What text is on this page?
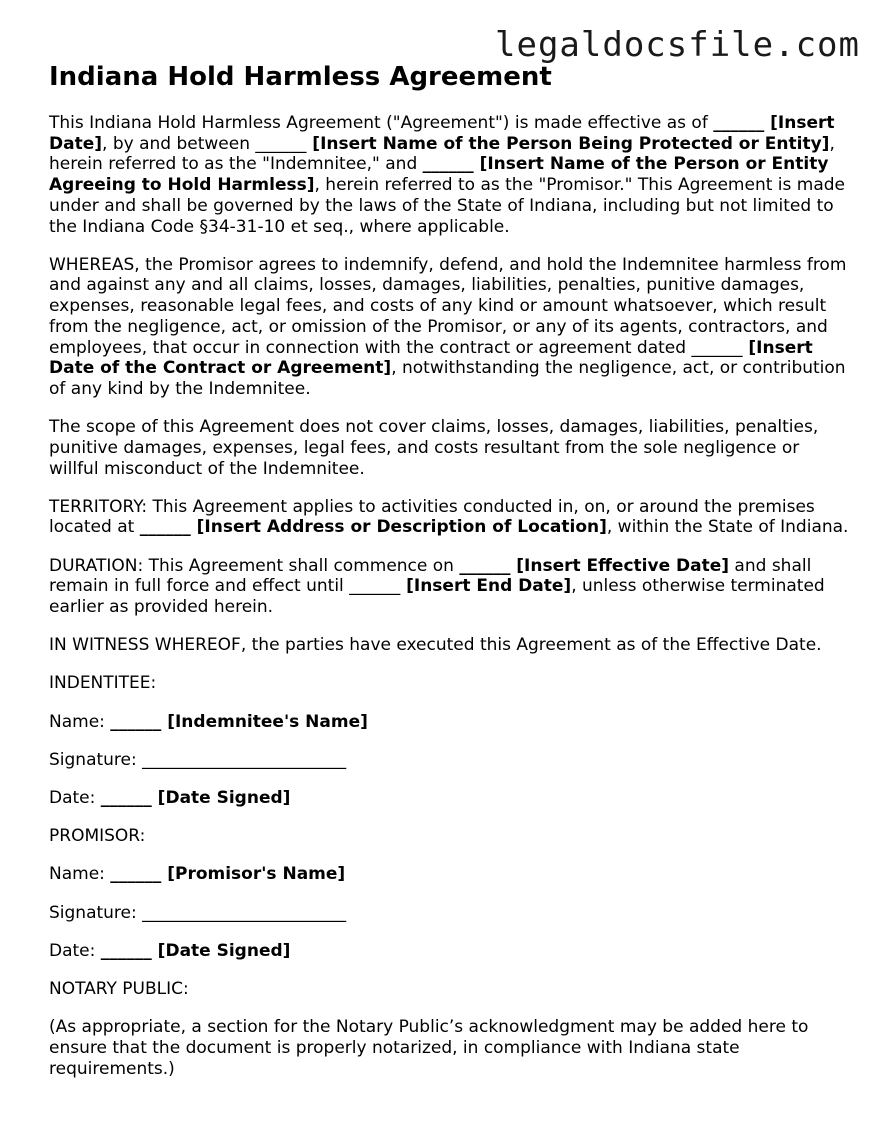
legaldocsfile.com
Indiana Hold Harmless Agreement

This Indiana Hold Harmless Agreement ("Agreement") is made effective as of ______ [Insert Date], by and between ______ [Insert Name of the Person Being Protected or Entity], herein referred to as the "Indemnitee," and ______ [Insert Name of the Person or Entity Agreeing to Hold Harmless], herein referred to as the "Promisor." This Agreement is made under and shall be governed by the laws of the State of Indiana, including but not limited to the Indiana Code §34-31-10 et seq., where applicable.

WHEREAS, the Promisor agrees to indemnify, defend, and hold the Indemnitee harmless from and against any and all claims, losses, damages, liabilities, penalties, punitive damages, expenses, reasonable legal fees, and costs of any kind or amount whatsoever, which result from the negligence, act, or omission of the Promisor, or any of its agents, contractors, and employees, that occur in connection with the contract or agreement dated ______ [Insert Date of the Contract or Agreement], notwithstanding the negligence, act, or contribution of any kind by the Indemnitee.

The scope of this Agreement does not cover claims, losses, damages, liabilities, penalties, punitive damages, expenses, legal fees, and costs resultant from the sole negligence or willful misconduct of the Indemnitee.

TERRITORY: This Agreement applies to activities conducted in, on, or around the premises located at ______ [Insert Address or Description of Location], within the State of Indiana.

DURATION: This Agreement shall commence on ______ [Insert Effective Date] and shall remain in full force and effect until ______ [Insert End Date], unless otherwise terminated earlier as provided herein.

IN WITNESS WHEREOF, the parties have executed this Agreement as of the Effective Date.

INDENTITEE:

Name: ______ [Indemnitee's Name]

Signature: ________________________

Date: ______ [Date Signed]

PROMISOR:

Name: ______ [Promisor's Name]

Signature: ________________________

Date: ______ [Date Signed]

NOTARY PUBLIC:

(As appropriate, a section for the Notary Public’s acknowledgment may be added here to ensure that the document is properly notarized, in compliance with Indiana state requirements.)
